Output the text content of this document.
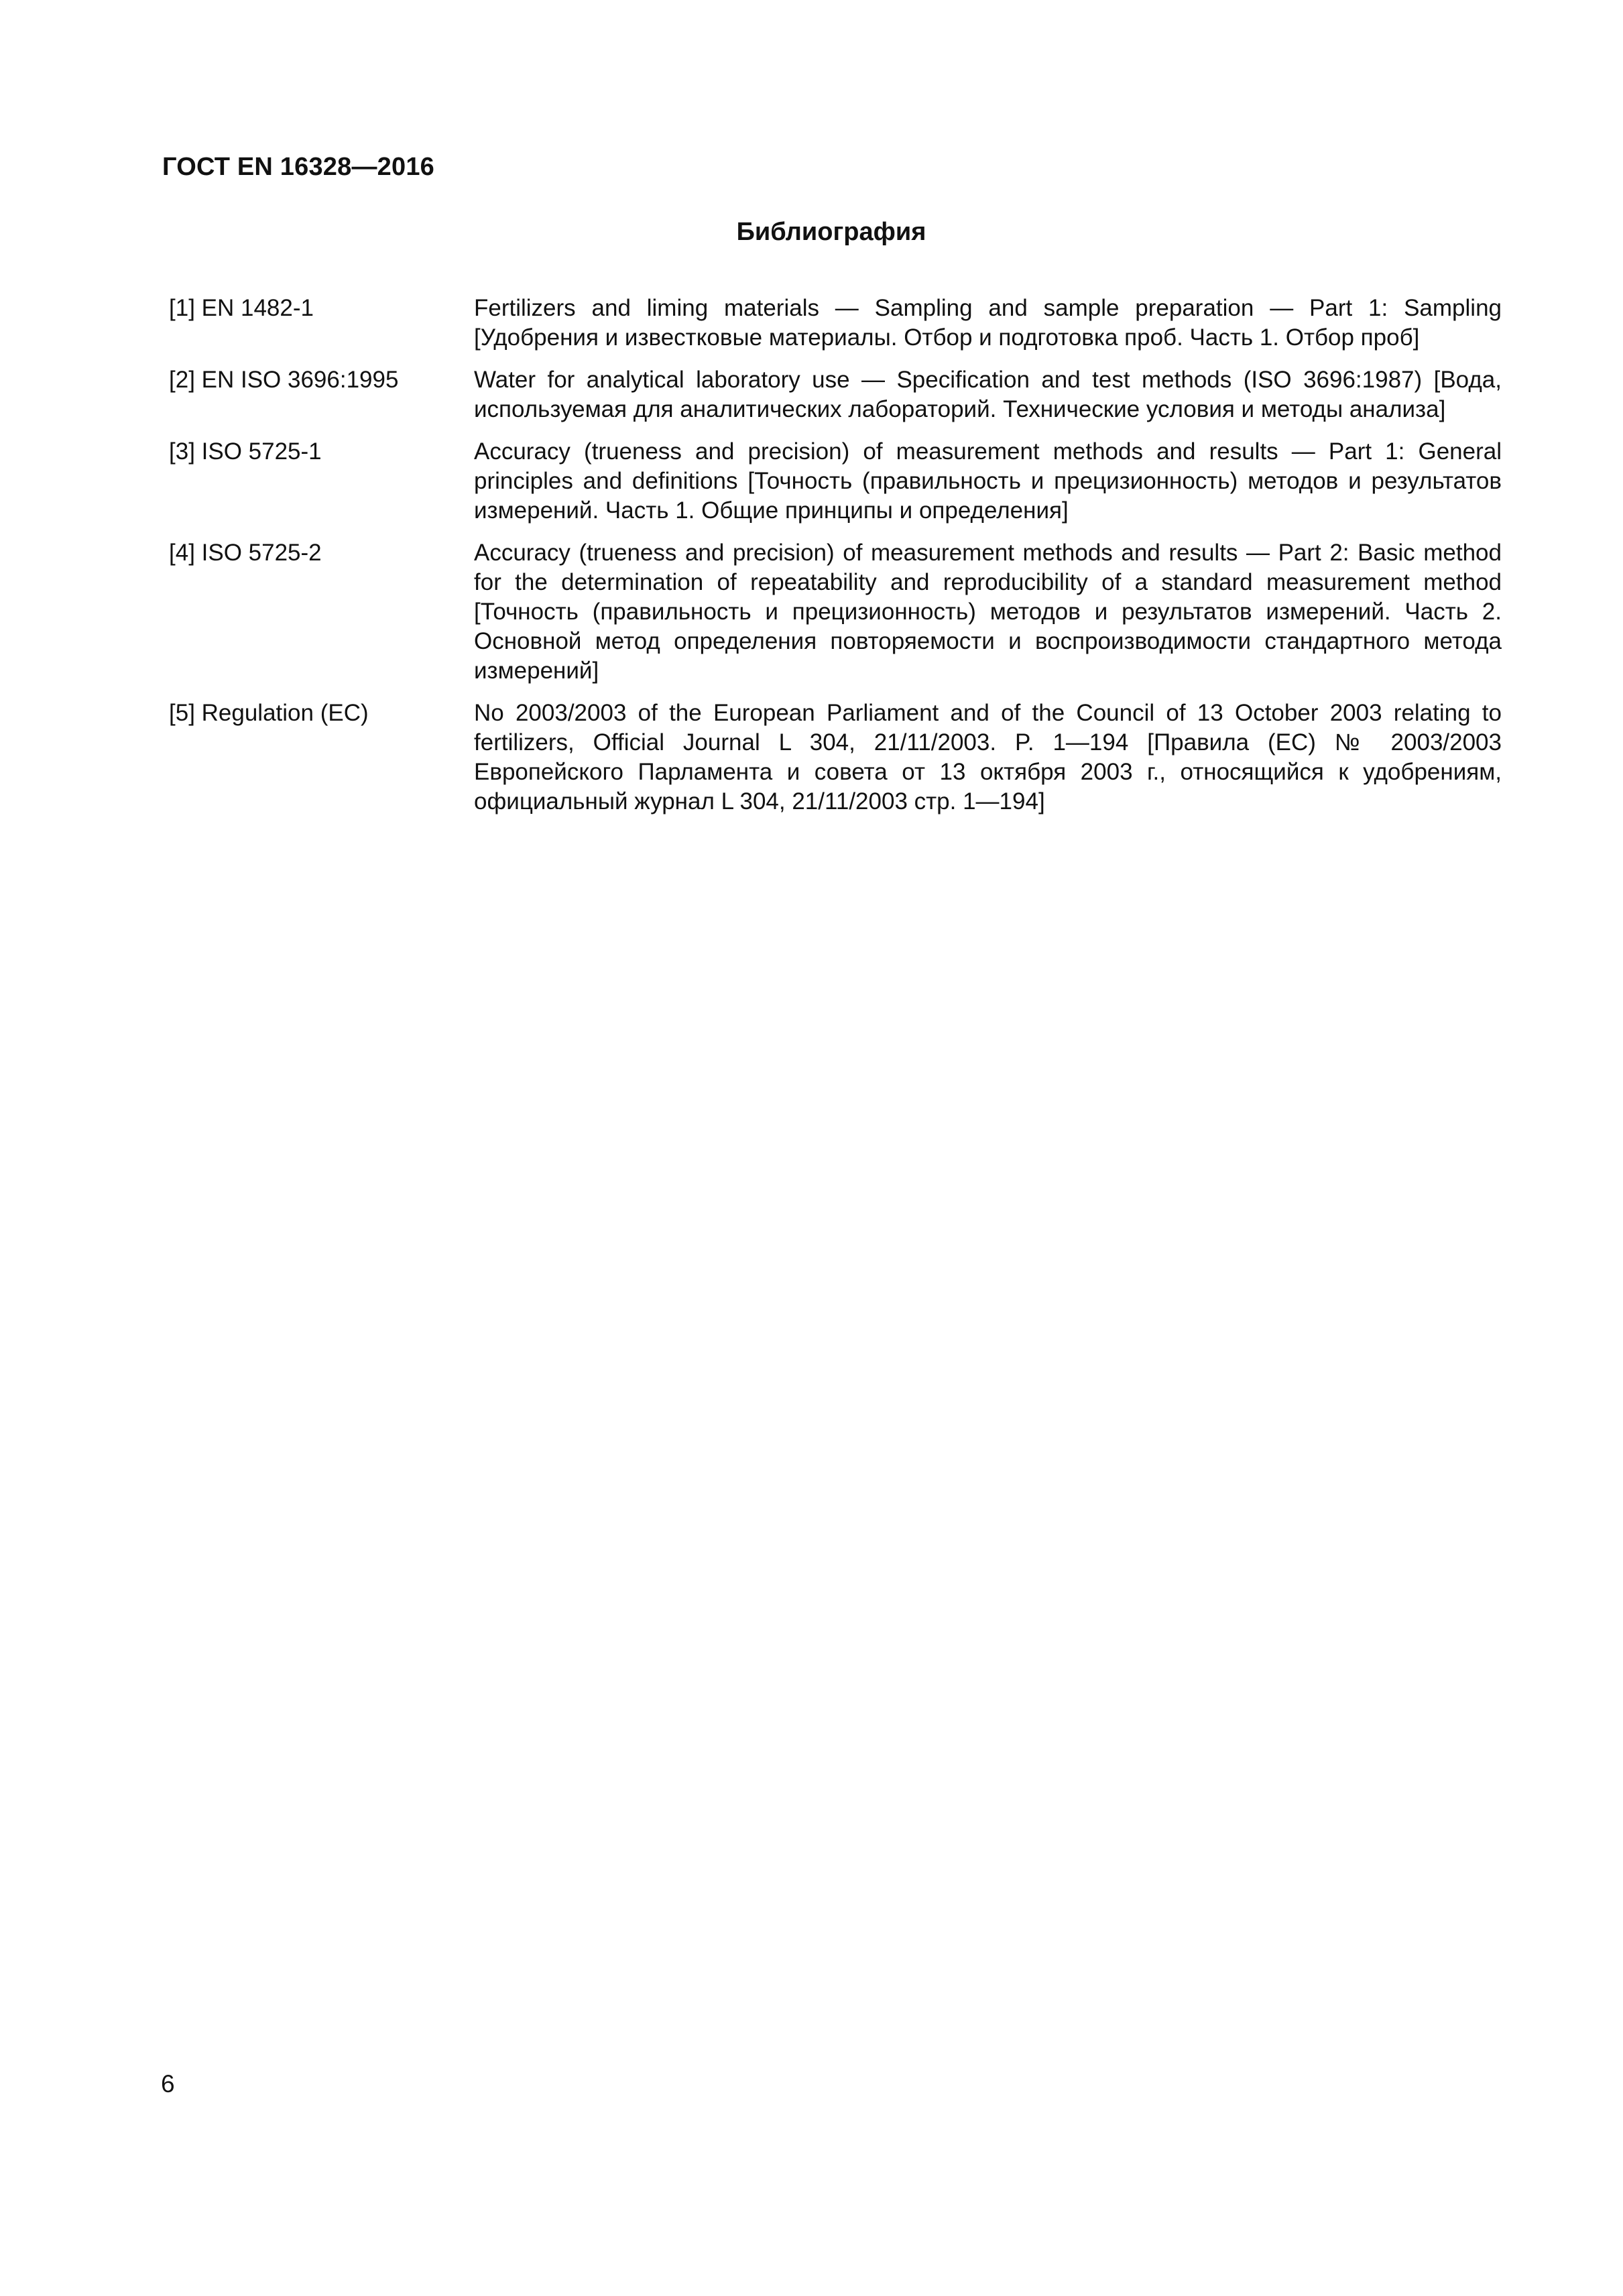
ГОСТ EN 16328—2016
Библиография
[1] EN 1482-1	Fertilizers and liming materials — Sampling and sample preparation — Part 1: Sampling [Удобрения и известковые материалы. Отбор и подготовка проб. Часть 1. Отбор проб]
[2] EN ISO 3696:1995	Water for analytical laboratory use — Specification and test methods (ISO 3696:1987) [Вода, используемая для аналитических лабораторий. Технические условия и методы анализа]
[3] ISO 5725-1	Accuracy (trueness and precision) of measurement methods and results — Part 1: General principles and definitions [Точность (правильность и прецизионность) методов и результатов измерений. Часть 1. Общие принципы и определения]
[4] ISO 5725-2	Accuracy (trueness and precision) of measurement methods and results — Part 2: Basic method for the determination of repeatability and reproducibility of a standard measurement method [Точность (правильность и прецизионность) методов и результатов измерений. Часть 2. Основной метод определения повторяемости и воспроизводимости стандартного метода измерений]
[5] Regulation (EC)	No 2003/2003 of the European Parliament and of the Council of 13 October 2003 relating to fertilizers, Official Journal L 304, 21/11/2003. P. 1—194 [Правила (ЕС) № 2003/2003 Европейского Парламента и совета от 13 октября 2003 г., относящийся к удобрениям, официальный журнал L 304, 21/11/2003 стр. 1—194]
6
